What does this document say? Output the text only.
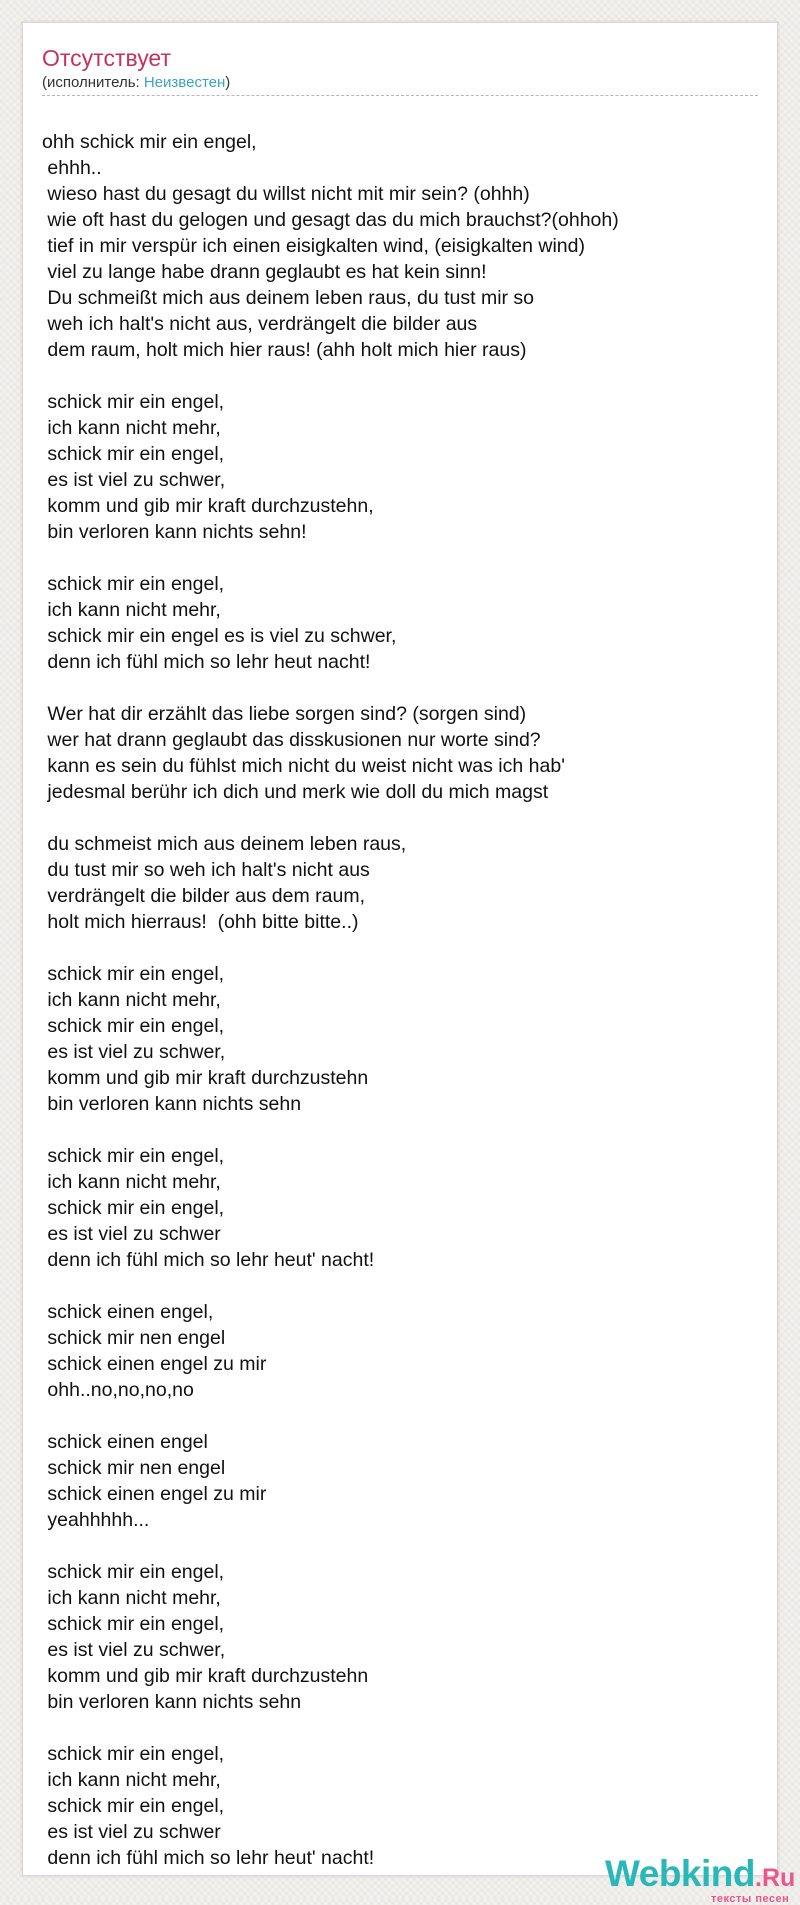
Отсутствует
(исполнитель: Неизвестен)
ohh schick mir ein engel,
ehhh..
wieso hast du gesagt du willst nicht mit mir sein? (ohhh)
wie oft hast du gelogen und gesagt das du mich brauchst?(ohhoh)
tief in mir verspür ich einen eisigkalten wind, (eisigkalten wind)
viel zu lange habe drann geglaubt es hat kein sinn!
Du schmeißt mich aus deinem leben raus, du tust mir so
weh ich halt's nicht aus, verdrängelt die bilder aus
dem raum, holt mich hier raus! (ahh holt mich hier raus)
schick mir ein engel,
ich kann nicht mehr,
schick mir ein engel,
es ist viel zu schwer,
komm und gib mir kraft durchzustehn,
bin verloren kann nichts sehn!
schick mir ein engel,
ich kann nicht mehr,
schick mir ein engel es is viel zu schwer,
denn ich fühl mich so lehr heut nacht!
Wer hat dir erzählt das liebe sorgen sind? (sorgen sind)
wer hat drann geglaubt das disskusionen nur worte sind?
kann es sein du fühlst mich nicht du weist nicht was ich hab'
jedesmal berühr ich dich und merk wie doll du mich magst
du schmeist mich aus deinem leben raus,
du tust mir so weh ich halt's nicht aus
verdrängelt die bilder aus dem raum,
holt mich hierraus!  (ohh bitte bitte..)
schick mir ein engel,
ich kann nicht mehr,
schick mir ein engel,
es ist viel zu schwer,
komm und gib mir kraft durchzustehn
bin verloren kann nichts sehn
schick mir ein engel,
ich kann nicht mehr,
schick mir ein engel,
es ist viel zu schwer
denn ich fühl mich so lehr heut' nacht!
schick einen engel,
schick mir nen engel
schick einen engel zu mir
ohh..no,no,no,no
schick einen engel
schick mir nen engel
schick einen engel zu mir
yeahhhhh...
schick mir ein engel,
ich kann nicht mehr,
schick mir ein engel,
es ist viel zu schwer,
komm und gib mir kraft durchzustehn
bin verloren kann nichts sehn
schick mir ein engel,
ich kann nicht mehr,
schick mir ein engel,
es ist viel zu schwer
denn ich fühl mich so lehr heut' nacht!	Webkind.Ru
тексты песен
